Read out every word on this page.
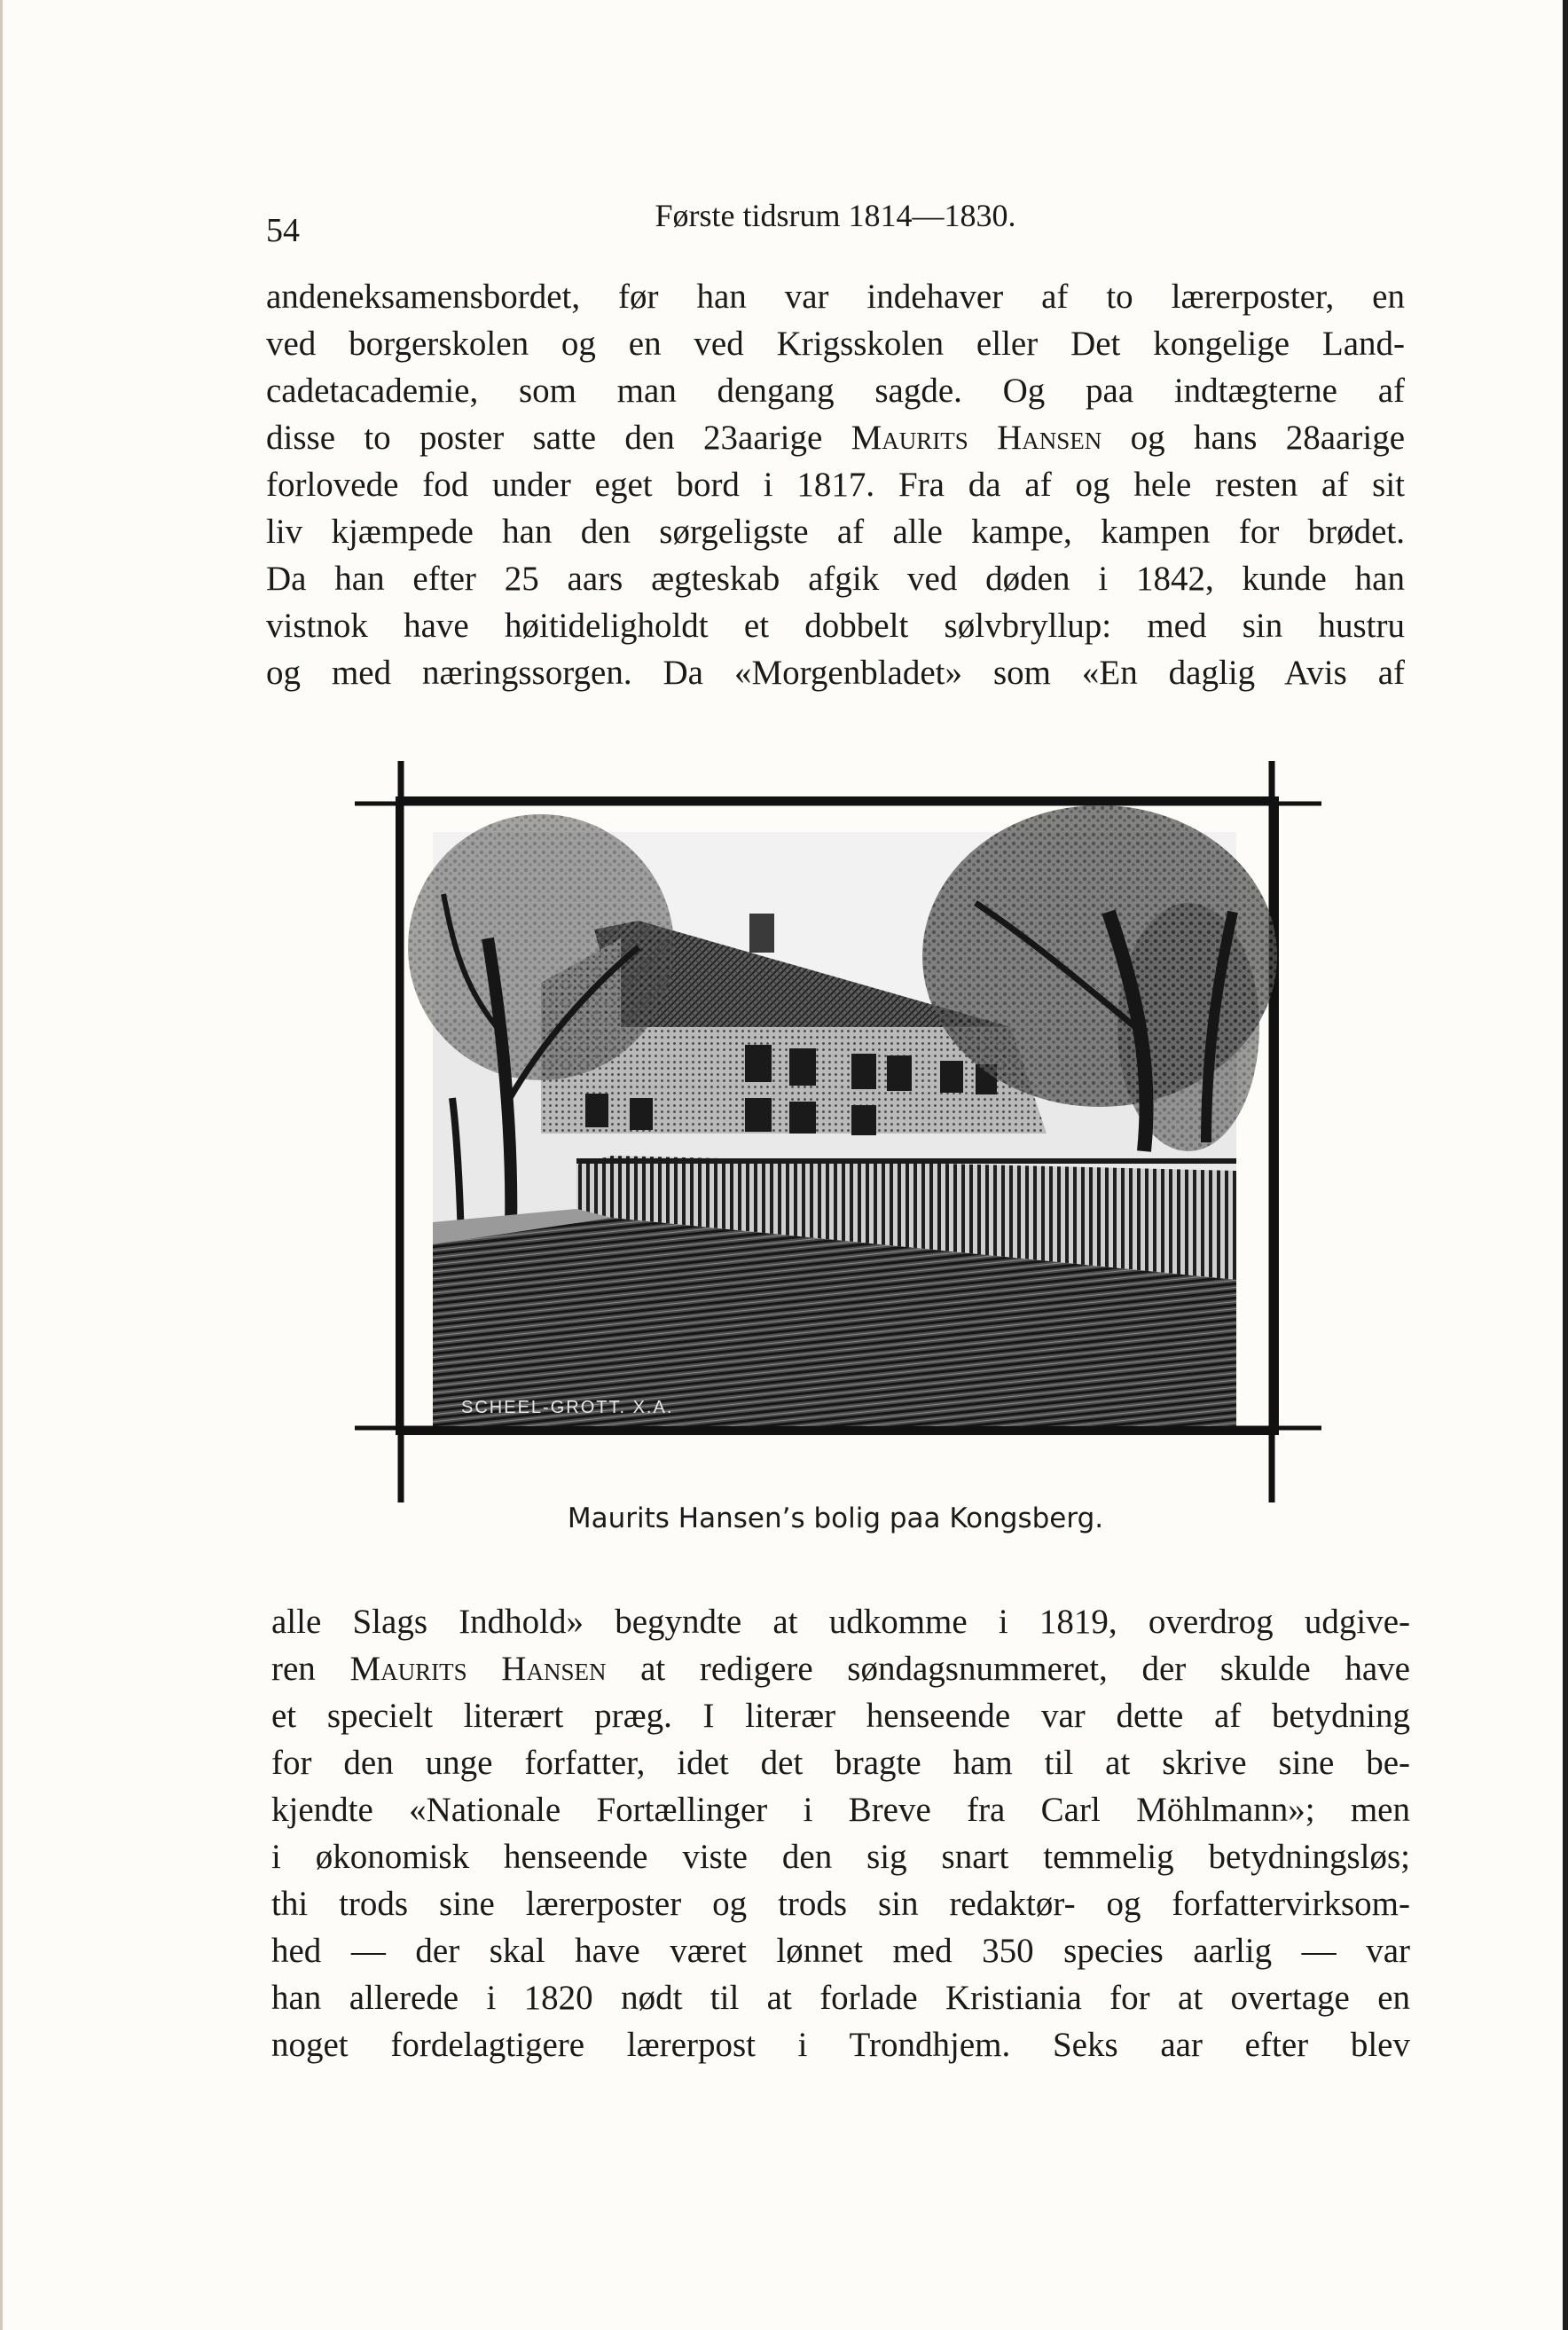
54	Første tidsrum 1814—1830.
andeneksamensbordet, før han var indehaver af to lærerposter, en
ved borgerskolen og en ved Krigsskolen eller Det kongelige Land-
cadetacademie, som man dengang sagde. Og paa indtægterne af
disse to poster satte den 23aarige Maurits Hansen og hans 28aarige
forlovede fod under eget bord i 1817. Fra da af og hele resten af sit
liv kjæmpede han den sørgeligste af alle kampe, kampen for brødet.
Da han efter 25 aars ægteskab afgik ved døden i 1842, kunde han
vistnok have høitideligholdt et dobbelt sølvbryllup: med sin hustru
og med næringssorgen. Da «Morgenbladet» som «En daglig Avis af
SCHEEL-GROTT. X.A.
Maurits Hansen’s bolig paa Kongsberg.
alle Slags Indhold» begyndte at udkomme i 1819, overdrog udgive-
ren Maurits Hansen at redigere søndagsnummeret, der skulde have
et specielt literært præg. I literær henseende var dette af betydning
for den unge forfatter, idet det bragte ham til at skrive sine be-
kjendte «Nationale Fortællinger i Breve fra Carl Möhlmann»; men
i økonomisk henseende viste den sig snart temmelig betydningsløs;
thi trods sine lærerposter og trods sin redaktør- og forfattervirksom-
hed — der skal have været lønnet med 350 species aarlig — var
han allerede i 1820 nødt til at forlade Kristiania for at overtage en
noget fordelagtigere lærerpost i Trondhjem. Seks aar efter blev
